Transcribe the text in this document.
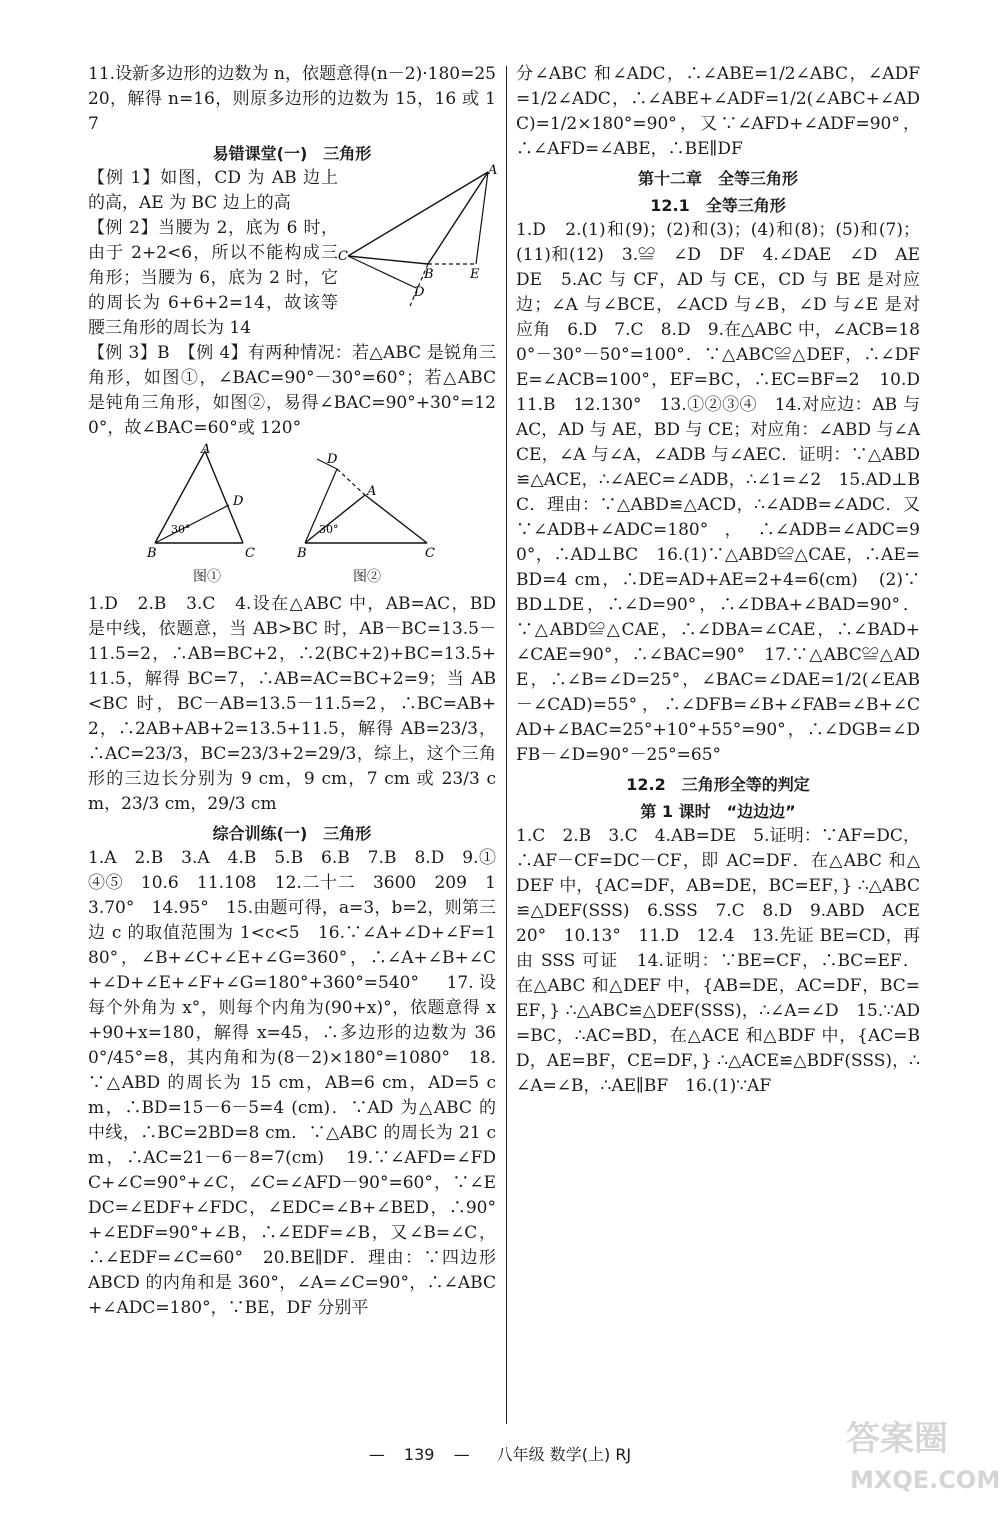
11.设新多边形的边数为 n，依题意得(n－2)·180=2520，解得 n=16，则原多边形的边数为 15，16 或 17

易错课堂(一)　三角形

【例 1】如图，CD 为 AB 边上的高，AE 为 BC 边上的高

【例 2】当腰为 2，底为 6 时，由于 2+2<6，所以不能构成三角形；当腰为 6，底为 2 时，它的周长为 6+6+2=14，故该等腰三角形的周长为 14

A
C
B	E
D

【例 3】B　【例 4】有两种情况：若△ABC 是锐角三角形，如图①，∠BAC=90°－30°=60°；若△ABC 是钝角三角形，如图②，易得∠BAC=90°+30°=120°，故∠BAC=60°或 120°

A
B	C
D
30°
图①
A
B	C
D
30°
图②

1.D　2.B　3.C　4.设在△ABC 中，AB=AC，BD 是中线，依题意，当 AB>BC 时，AB－BC=13.5－11.5=2，∴AB=BC+2，∴2(BC+2)+BC=13.5+11.5，解得 BC=7，∴AB=AC=BC+2=9；当 AB<BC 时，BC－AB=13.5－11.5=2，∴BC=AB+2，∴2AB+AB+2=13.5+11.5，解得 AB=23/3，∴AC=23/3，BC=23/3+2=29/3，综上，这个三角形的三边长分别为 9 cm，9 cm，7 cm 或 23/3 cm，23/3 cm，29/3 cm

综合训练(一)　三角形

1.A　2.B　3.A　4.B　5.B　6.B　7.B　8.D　9.①④⑤　10.6　11.108　12.二十二　3600　209　13.70°　14.95°　15.由题可得，a=3，b=2，则第三边 c 的取值范围为 1<c<5　16.∵∠A+∠D+∠F=180°，∠B+∠C+∠E+∠G=360°，∴∠A+∠B+∠C+∠D+∠E+∠F+∠G=180°+360°=540°　17.设每个外角为 x°，则每个内角为(90+x)°，依题意得 x+90+x=180，解得 x=45，∴多边形的边数为 360°/45°=8，其内角和为(8－2)×180°=1080°　18.∵△ABD 的周长为 15 cm，AB=6 cm，AD=5 cm，∴BD=15－6－5=4 (cm)．∵AD 为△ABC 的中线，∴BC=2BD=8 cm．∵△ABC 的周长为 21 cm，∴AC=21－6－8=7(cm)　19.∵∠AFD=∠FDC+∠C=90°+∠C，∠C=∠AFD－90°=60°，∵∠EDC=∠EDF+∠FDC，∠EDC=∠B+∠BED，∴90°+∠EDF=90°+∠B，∴∠EDF=∠B，又∠B=∠C，∴∠EDF=∠C=60°　20.BE∥DF．理由：∵四边形 ABCD 的内角和是 360°，∠A=∠C=90°，∴∠ABC+∠ADC=180°，∵BE，DF 分别平

分∠ABC 和∠ADC，∴∠ABE=1/2∠ABC，∠ADF=1/2∠ADC，∴∠ABE+∠ADF=1/2(∠ABC+∠ADC)=1/2×180°=90°，又∵∠AFD+∠ADF=90°，∴∠AFD=∠ABE，∴BE∥DF

第十二章　全等三角形
12.1　全等三角形

1.D　2.(1)和(9)；(2)和(3)；(4)和(8)；(5)和(7)；(11)和(12)　3.≌　∠D　DF　4.∠DAE　∠D　AE　DE　5.AC 与 CF，AD 与 CE，CD 与 BE 是对应边；∠A 与∠BCE，∠ACD 与∠B，∠D 与∠E 是对应角　6.D　7.C　8.D　9.在△ABC 中，∠ACB=180°－30°－50°=100°．∵△ABC≌△DEF，∴∠DFE=∠ACB=100°，EF=BC，∴EC=BF=2　10.D　11.B　12.130°　13.①②③④　14.对应边：AB 与 AC，AD 与 AE，BD 与 CE；对应角：∠ABD 与∠ACE，∠A 与∠A，∠ADB 与∠AEC．证明：∵△ABD≌△ACE，∴∠AEC=∠ADB，∴∠1=∠2　15.AD⊥BC．理由：∵△ABD≌△ACD，∴∠ADB=∠ADC．又∵∠ADB+∠ADC=180°，∴∠ADB=∠ADC=90°，∴AD⊥BC　16.(1)∵△ABD≌△CAE，∴AE=BD=4 cm，∴DE=AD+AE=2+4=6(cm)　(2)∵BD⊥DE，∴∠D=90°，∴∠DBA+∠BAD=90°．∵△ABD≌△CAE，∴∠DBA=∠CAE，∴∠BAD+∠CAE=90°，∴∠BAC=90°　17.∵△ABC≌△ADE，∴∠B=∠D=25°，∠BAC=∠DAE=1/2(∠EAB－∠CAD)=55°，∴∠DFB=∠B+∠FAB=∠B+∠CAD+∠BAC=25°+10°+55°=90°，∴∠DGB=∠DFB－∠D=90°－25°=65°

12.2　三角形全等的判定
第 1 课时　“边边边”

1.C　2.B　3.C　4.AB=DE　5.证明：∵AF=DC，∴AF－CF=DC－CF，即 AC=DF．在△ABC 和△DEF 中，{AC=DF，AB=DE，BC=EF，} ∴△ABC≌△DEF(SSS)　6.SSS　7.C　8.D　9.ABD　ACE　20°　10.13°　11.D　12.4　13.先证 BE=CD，再由 SSS 可证　14.证明：∵BE=CF，∴BC=EF．在△ABC 和△DEF 中，{AB=DE，AC=DF，BC=EF，} ∴△ABC≌△DEF(SSS)，∴∠A=∠D　15.∵AD=BC，∴AC=BD，在△ACE 和△BDF 中，{AC=BD，AE=BF，CE=DF，} ∴△ACE≌△BDF(SSS)，∴∠A=∠B，∴AE∥BF　16.(1)∵AF

— 139 — 八年级 数学(上) RJ	答案圈
MXQE.COM
